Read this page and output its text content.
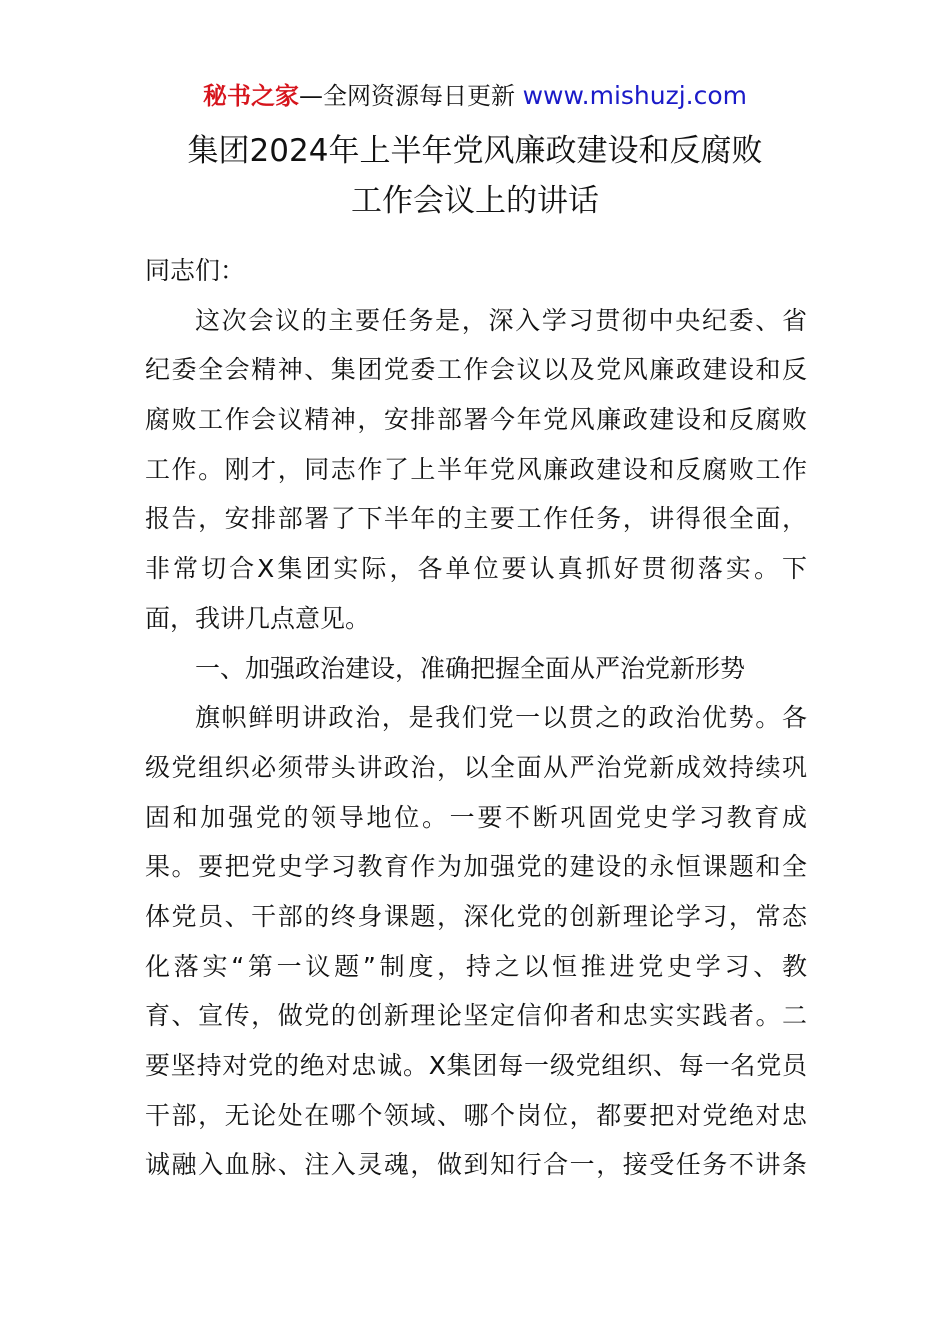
秘书之家—全网资源每日更新 www.mishuzj.com
集团2024年上半年党风廉政建设和反腐败
工作会议上的讲话
同志们：
这次会议的主要任务是，深入学习贯彻中央纪委、省
纪委全会精神、集团党委工作会议以及党风廉政建设和反
腐败工作会议精神，安排部署今年党风廉政建设和反腐败
工作。刚才，同志作了上半年党风廉政建设和反腐败工作
报告，安排部署了下半年的主要工作任务，讲得很全面，
非常切合X集团实际，各单位要认真抓好贯彻落实。下
面，我讲几点意见。
一、加强政治建设，准确把握全面从严治党新形势
旗帜鲜明讲政治，是我们党一以贯之的政治优势。各
级党组织必须带头讲政治，以全面从严治党新成效持续巩
固和加强党的领导地位。一要不断巩固党史学习教育成
果。要把党史学习教育作为加强党的建设的永恒课题和全
体党员、干部的终身课题，深化党的创新理论学习，常态
化落实“第一议题”制度，持之以恒推进党史学习、教
育、宣传，做党的创新理论坚定信仰者和忠实实践者。二
要坚持对党的绝对忠诚。X集团每一级党组织、每一名党员
干部，无论处在哪个领域、哪个岗位，都要把对党绝对忠
诚融入血脉、注入灵魂，做到知行合一，接受任务不讲条
